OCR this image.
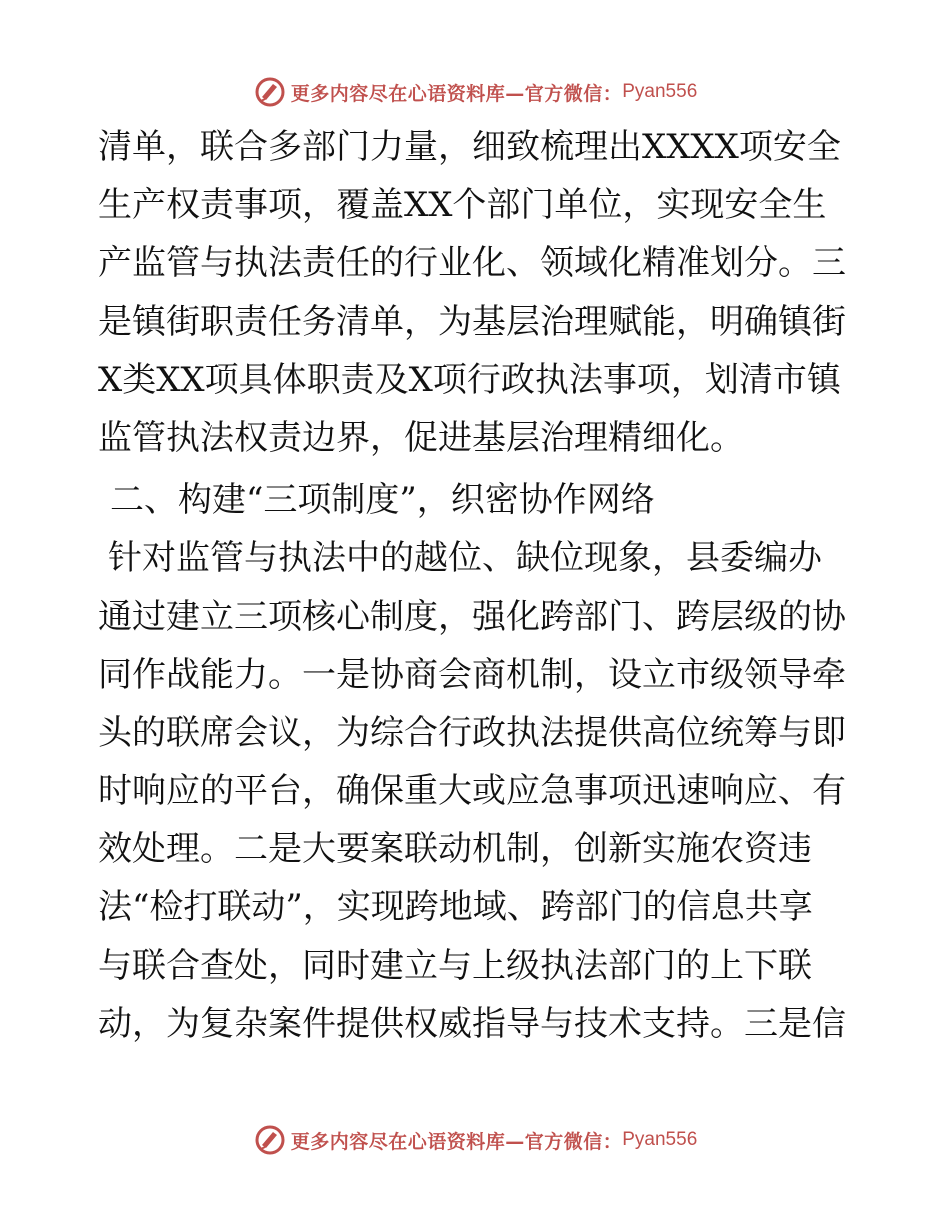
更多内容尽在心语资料库—官方微信： Pyan556
清单，联合多部门力量，细致梳理出XXXX项安全
生产权责事项，覆盖XX个部门单位，实现安全生
产监管与执法责任的行业化、领域化精准划分。三
是镇街职责任务清单，为基层治理赋能，明确镇街
X类XX项具体职责及X项行政执法事项，划清市镇
监管执法权责边界，促进基层治理精细化。
二、构建“三项制度”，织密协作网络
针对监管与执法中的越位、缺位现象，县委编办
通过建立三项核心制度，强化跨部门、跨层级的协
同作战能力。一是协商会商机制，设立市级领导牵
头的联席会议，为综合行政执法提供高位统筹与即
时响应的平台，确保重大或应急事项迅速响应、有
效处理。二是大要案联动机制，创新实施农资违
法“检打联动”，实现跨地域、跨部门的信息共享
与联合查处，同时建立与上级执法部门的上下联
动，为复杂案件提供权威指导与技术支持。三是信
更多内容尽在心语资料库—官方微信： Pyan556
